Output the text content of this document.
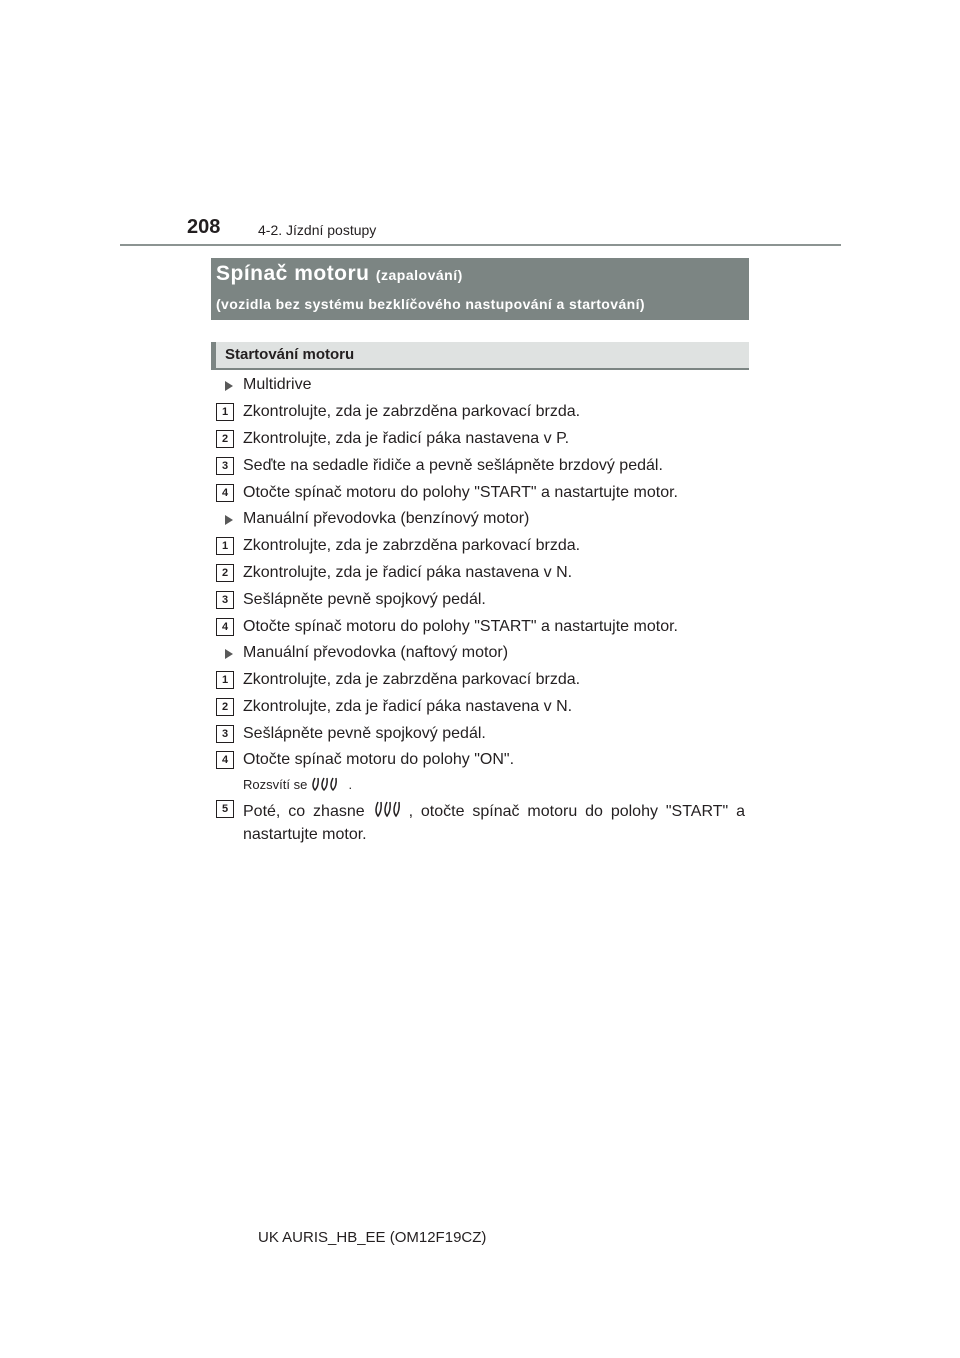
208	4-2. Jízdní postupy
Spínač motoru (zapalování)
(vozidla bez systému bezklíčového nastupování a startování)
Startování motoru
Multidrive
1 Zkontrolujte, zda je zabrzděna parkovací brzda.
2 Zkontrolujte, zda je řadicí páka nastavena v P.
3 Seďte na sedadle řidiče a pevně sešlápněte brzdový pedál.
4 Otočte spínač motoru do polohy "START" a nastartujte motor.
Manuální převodovka (benzínový motor)
1 Zkontrolujte, zda je zabrzděna parkovací brzda.
2 Zkontrolujte, zda je řadicí páka nastavena v N.
3 Sešlápněte pevně spojkový pedál.
4 Otočte spínač motoru do polohy "START" a nastartujte motor.
Manuální převodovka (naftový motor)
1 Zkontrolujte, zda je zabrzděna parkovací brzda.
2 Zkontrolujte, zda je řadicí páka nastavena v N.
3 Sešlápněte pevně spojkový pedál.
4 Otočte spínač motoru do polohy "ON".
Rozsvítí se	.
5 Poté, co zhasne	, otočte spínač motoru do polohy "START" a nastartujte motor.
UK AURIS_HB_EE (OM12F19CZ)
